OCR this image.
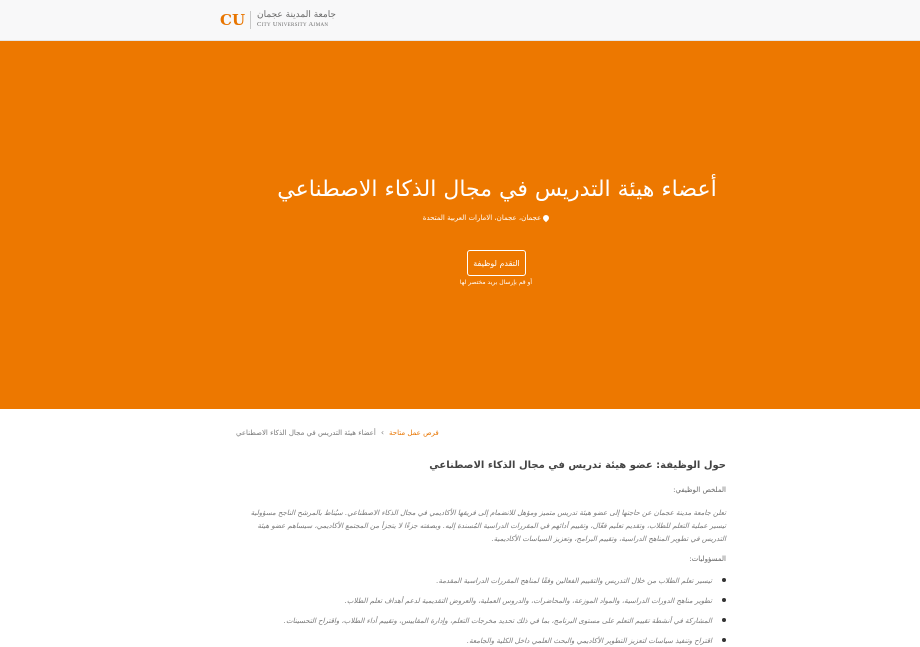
CU جامعة المدينة عجمان
City University Ajman
أعضاء هيئة التدريس في مجال الذكاء الاصطناعي
عجمان، عجمان، الامارات العربية المتحدة
التقدم لوظيفة
أو قم بإرسال بريد مختصر لها
أعضاء هيئة التدريس في مجال الذكاء الاصطناعي ‹ فرص عمل متاحة
حول الوظيفة: عضو هيئة تدريس في مجال الذكاء الاصطناعي
الملخص الوظيفي:

تعلن جامعة مدينة عجمان عن حاجتها إلى عضو هيئة تدريس متميز ومؤهل للانضمام إلى فريقها الأكاديمي في مجال الذكاء الاصطناعي. سيُناط بالمرشح الناجح مسؤولية تيسير عملية التعلم للطلاب، وتقديم تعليم فعّال، وتقييم أدائهم في المقررات الدراسية المُسندة إليه. وبصفته جزءًا لا يتجزأ من المجتمع الأكاديمي، سيساهم عضو هيئة التدريس في تطوير المناهج الدراسية، وتقييم البرامج، وتعزيز السياسات الأكاديمية.

المسؤوليات:
تيسير تعلم الطلاب من خلال التدريس والتقييم الفعالين وفقًا لمناهج المقررات الدراسية المقدمة.
تطوير مناهج الدورات الدراسية، والمواد الموزعة، والمحاضرات، والدروس العملية، والعروض التقديمية لدعم أهداف تعلم الطلاب.
المشاركة في أنشطة تقييم التعلم على مستوى البرنامج، بما في ذلك تحديد مخرجات التعلم، وإدارة المقاييس، وتقييم أداء الطلاب، واقتراح التحسينات.
اقتراح وتنفيذ سياسات لتعزيز التطوير الأكاديمي والبحث العلمي داخل الكلية والجامعة.
